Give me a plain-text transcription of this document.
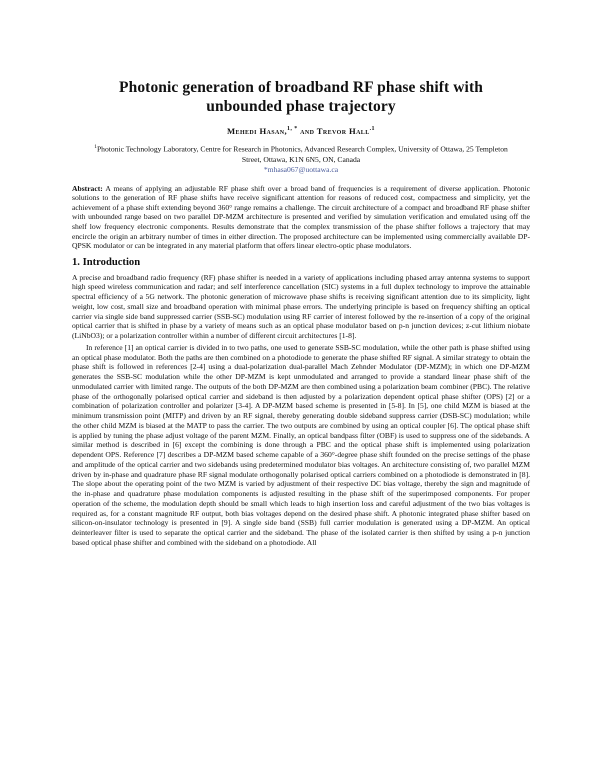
Photonic generation of broadband RF phase shift with
unbounded phase trajectory
Mehedi Hasan,$^{1, *}$ and Trevor Hall$^{.1}$
$^1$Photonic Technology Laboratory, Centre for Research in Photonics, Advanced Research Complex, University of Ottawa, 25 Templeton Street, Ottawa, K1N 6N5, ON, Canada
*mhasa067@uottawa.ca
Abstract: A means of applying an adjustable RF phase shift over a broad band of frequencies is a requirement of diverse application. Photonic solutions to the generation of RF phase shifts have receive significant attention for reasons of reduced cost, compactness and simplicity, yet the achievement of a phase shift extending beyond 360° range remains a challenge. The circuit architecture of a compact and broadband RF phase shifter with unbounded range based on two parallel DP-MZM architecture is presented and verified by simulation verification and emulated using off the shelf low frequency electronic components. Results demonstrate that the complex transmission of the phase shifter follows a trajectory that may encircle the origin an arbitrary number of times in either direction. The proposed architecture can be implemented using commercially available DP-QPSK modulator or can be integrated in any material platform that offers linear electro-optic phase modulators.
1. Introduction

A precise and broadband radio frequency (RF) phase shifter is needed in a variety of applications including phased array antenna systems to support high speed wireless communication and radar; and self interference cancellation (SIC) systems in a full duplex technology to improve the attainable spectral efficiency of a 5G network. The photonic generation of microwave phase shifts is receiving significant attention due to its simplicity, light weight, low cost, small size and broadband operation with minimal phase errors. The underlying principle is based on frequency shifting an optical carrier via single side band suppressed carrier (SSB-SC) modulation using RF carrier of interest followed by the re-insertion of a copy of the original optical carrier that is shifted in phase by a variety of means such as an optical phase modulator based on p-n junction devices; z-cut lithium niobate (LiNbO3); or a polarization controller within a number of different circuit architectures [1-8].

In reference [1] an optical carrier is divided in to two paths, one used to generate SSB-SC modulation, while the other path is phase shifted using an optical phase modulator. Both the paths are then combined on a photodiode to generate the phase shifted RF signal. A similar strategy to obtain the phase shift is followed in references [2-4] using a dual-polarization dual-parallel Mach Zehnder Modulator (DP-MZM); in which one DP-MZM generates the SSB-SC modulation while the other DP-MZM is kept unmodulated and arranged to provide a standard linear phase shift of the unmodulated carrier with limited range. The outputs of the both DP-MZM are then combined using a polarization beam combiner (PBC). The relative phase of the orthogonally polarised optical carrier and sideband is then adjusted by a polarization dependent optical phase shifter (OPS) [2] or a combination of polarization controller and polarizer [3-4]. A DP-MZM based scheme is presented in [5-8]. In [5], one child MZM is biased at the minimum transmission point (MITP) and driven by an RF signal, thereby generating double sideband suppress carrier (DSB-SC) modulation; while the other child MZM is biased at the MATP to pass the carrier. The two outputs are combined by using an optical coupler [6]. The optical phase shift is applied by tuning the phase adjust voltage of the parent MZM. Finally, an optical bandpass filter (OBF) is used to suppress one of the sidebands. A similar method is described in [6] except the combining is done through a PBC and the optical phase shift is implemented using polarization dependent OPS. Reference [7] describes a DP-MZM based scheme capable of a 360°-degree phase shift founded on the precise settings of the phase and amplitude of the optical carrier and two sidebands using predetermined modulator bias voltages. An architecture consisting of, two parallel MZM driven by in-phase and quadrature phase RF signal modulate orthogonally polarised optical carriers combined on a photodiode is demonstrated in [8]. The slope about the operating point of the two MZM is varied by adjustment of their respective DC bias voltage, thereby the sign and magnitude of the in-phase and quadrature phase modulation components is adjusted resulting in the phase shift of the superimposed components. For proper operation of the scheme, the modulation depth should be small which leads to high insertion loss and careful adjustment of the two bias voltages is required as, for a constant magnitude RF output, both bias voltages depend on the desired phase shift. A photonic integrated phase shifter based on silicon-on-insulator technology is presented in [9]. A single side band (SSB) full carrier modulation is generated using a DP-MZM. An optical deinterleaver filter is used to separate the optical carrier and the sideband. The phase of the isolated carrier is then shifted by using a p-n junction based optical phase shifter and combined with the sideband on a photodiode. All
